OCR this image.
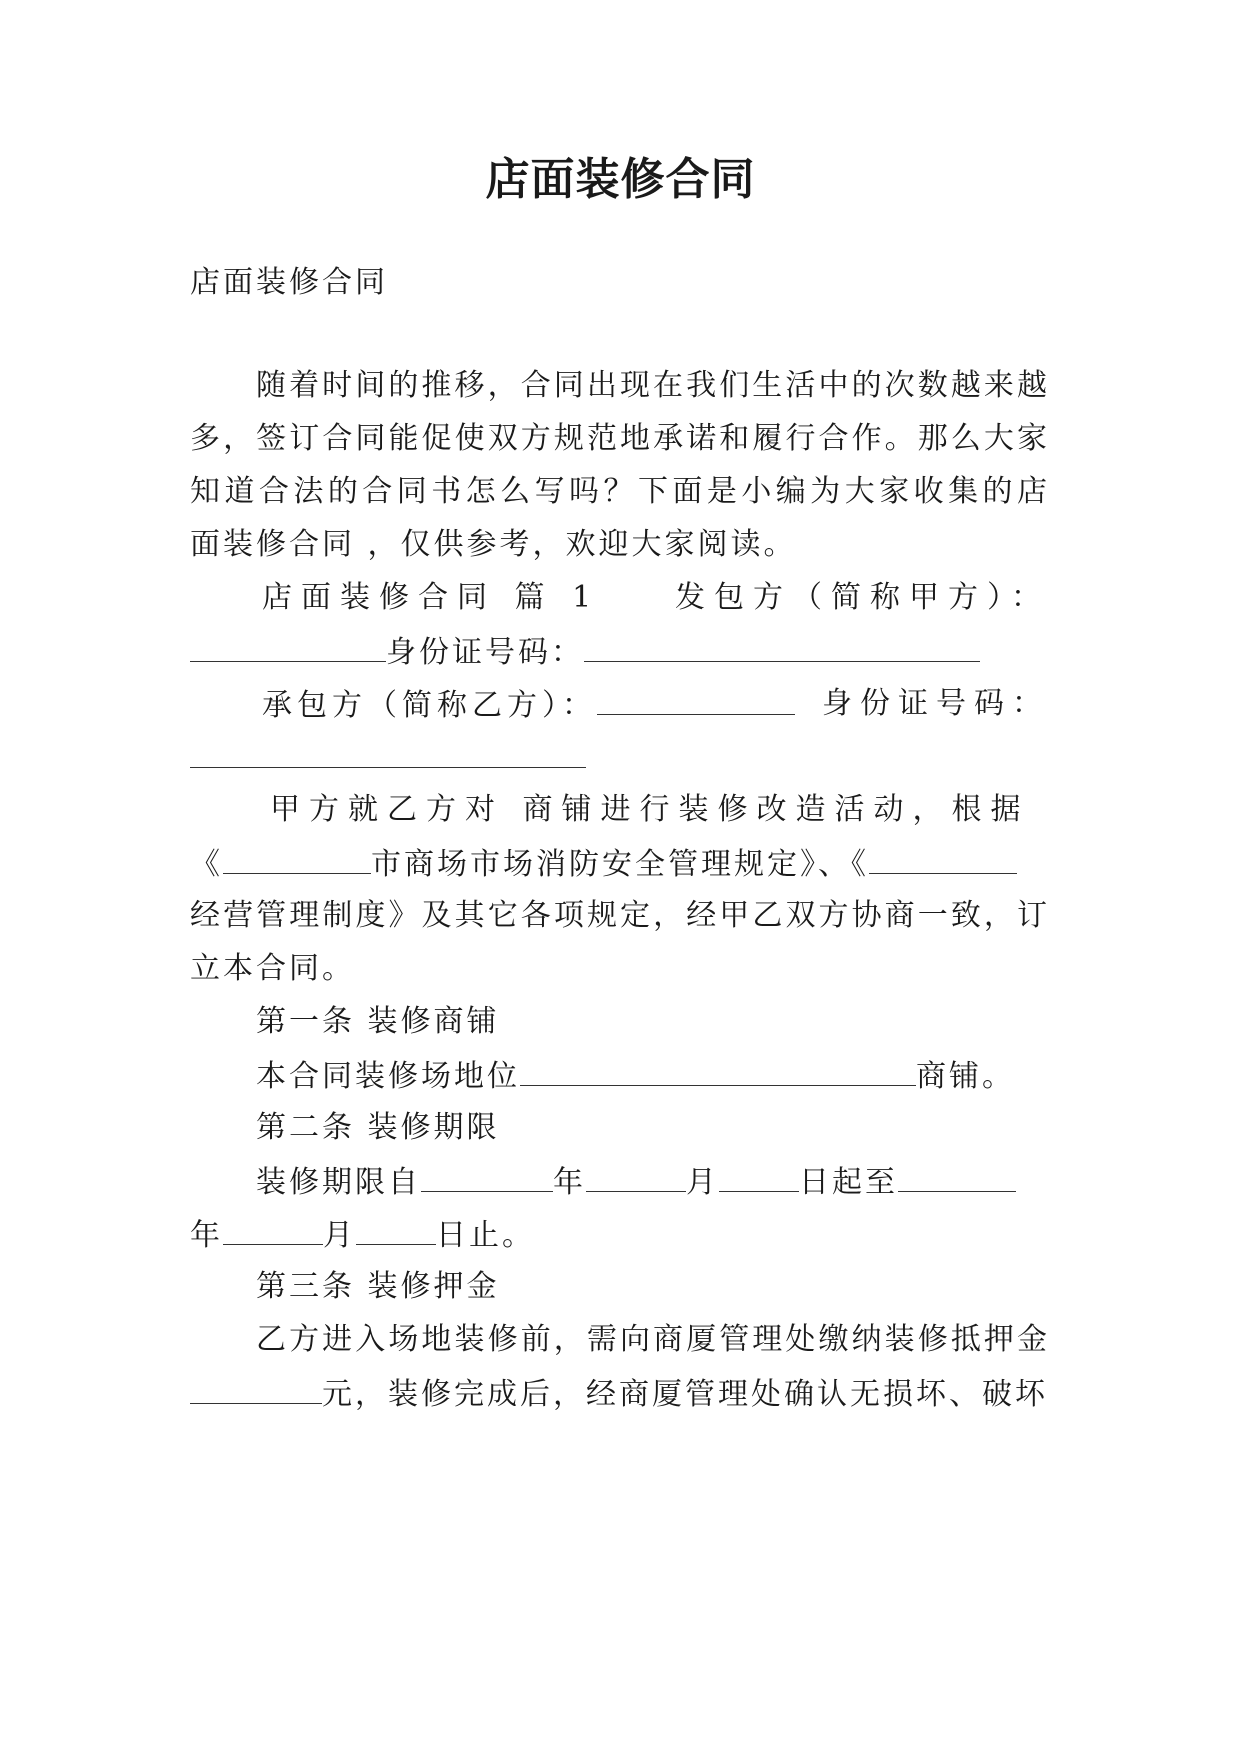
店面装修合同
店面装修合同
随着时间的推移，合同出现在我们生活中的次数越来越
多，签订合同能促使双方规范地承诺和履行合作。那么大家
知道合法的合同书怎么写吗？下面是小编为大家收集的店
面装修合同 ，仅供参考，欢迎大家阅读。
店面装修合同 篇 1 发包方（简称甲方）：
身份证号码：
承包方（简称乙方）：	身份证号码：
甲方就乙方对 商铺进行装修改造活动，根据
《	市商场市场消防安全管理规定》、《
经营管理制度》及其它各项规定，经甲乙双方协商一致，订
立本合同。
第一条 装修商铺
本合同装修场地位	商铺。
第二条 装修期限
装修期限自	年	月	日起至
年	月	日止。
第三条 装修押金
乙方进入场地装修前，需向商厦管理处缴纳装修抵押金
元，装修完成后，经商厦管理处确认无损坏、破坏
